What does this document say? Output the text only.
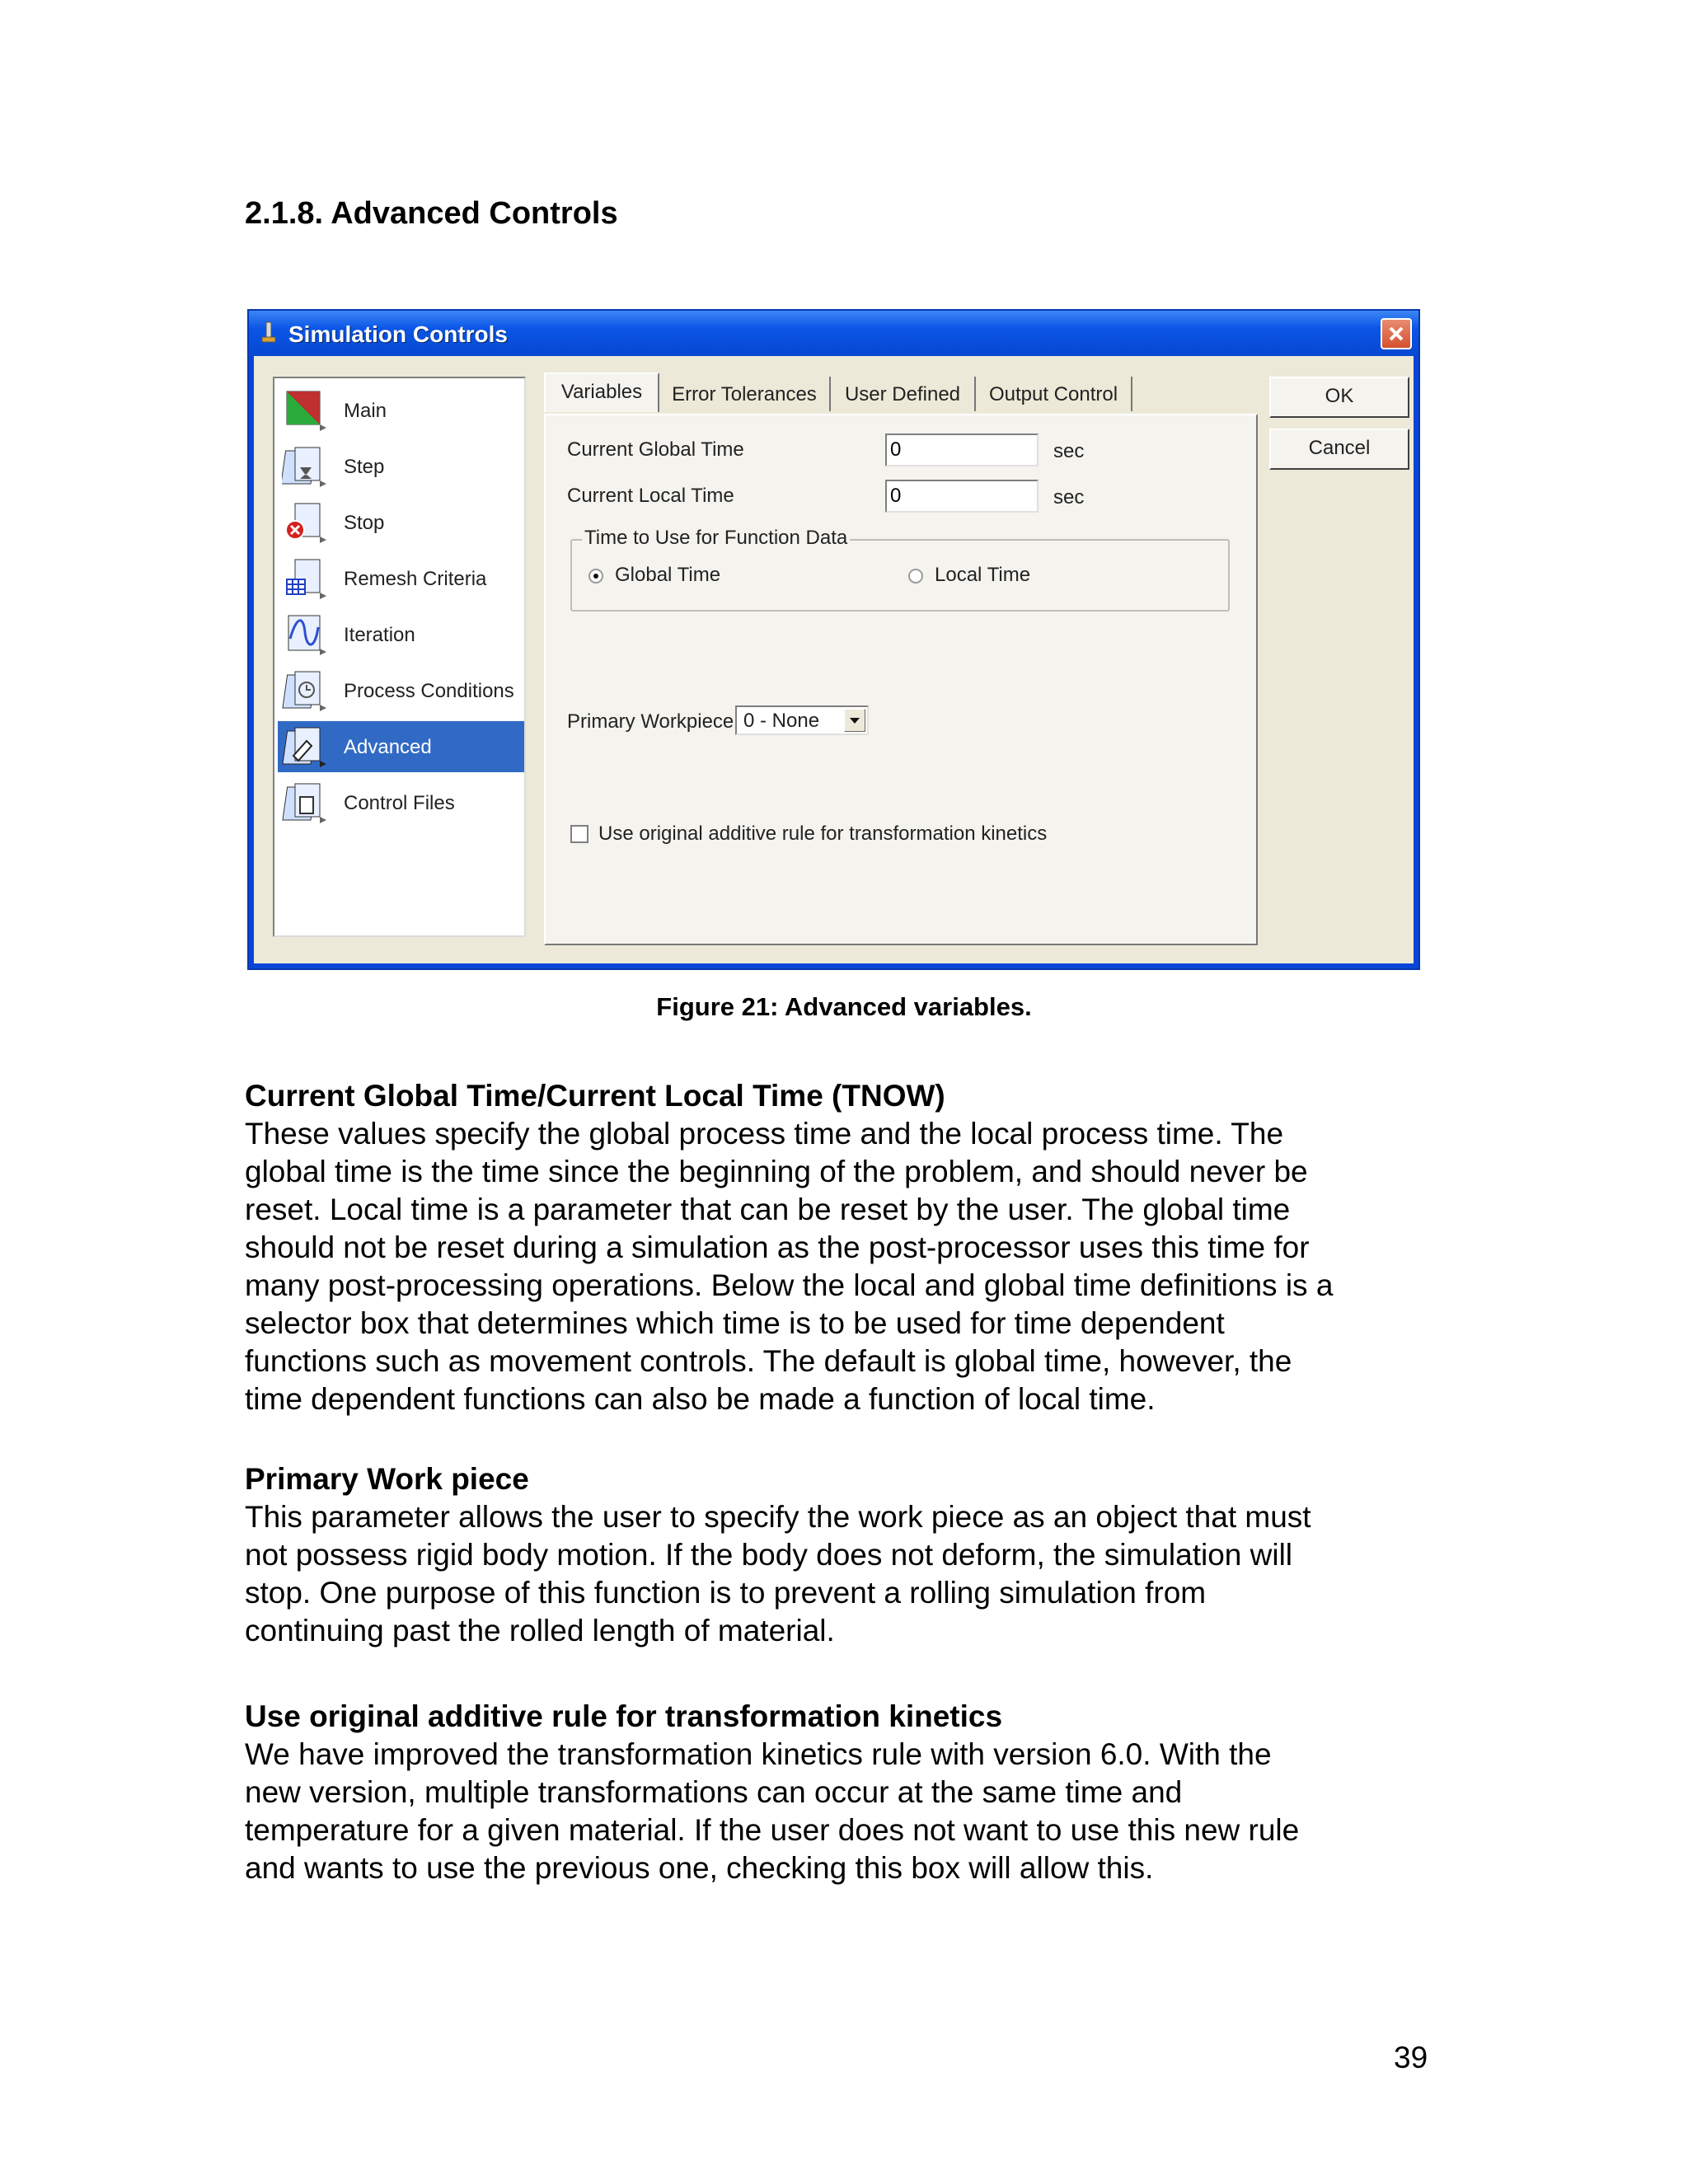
2.1.8. Advanced Controls
Simulation Controls
Main
Step
Stop
Remesh Criteria
Iteration
Process Conditions
Advanced
Control Files
Variables	Error Tolerances	User Defined	Output Control
Current Global Time	0	sec
Current Local Time	0	sec
Time to Use for Function Data
Global Time	Local Time
Primary Workpiece 0 - None
Use original additive rule for transformation kinetics
OK
Cancel
Figure 21: Advanced variables.
Current Global Time/Current Local Time (TNOW)
These values specify the global process time and the local process time. The
global time is the time since the beginning of the problem, and should never be
reset. Local time is a parameter that can be reset by the user. The global time
should not be reset during a simulation as the post-processor uses this time for
many post-processing operations. Below the local and global time definitions is a
selector box that determines which time is to be used for time dependent
functions such as movement controls. The default is global time, however, the
time dependent functions can also be made a function of local time.
Primary Work piece
This parameter allows the user to specify the work piece as an object that must
not possess rigid body motion. If the body does not deform, the simulation will
stop. One purpose of this function is to prevent a rolling simulation from
continuing past the rolled length of material.
Use original additive rule for transformation kinetics
We have improved the transformation kinetics rule with version 6.0. With the
new version, multiple transformations can occur at the same time and
temperature for a given material. If the user does not want to use this new rule
and wants to use the previous one, checking this box will allow this.
39
